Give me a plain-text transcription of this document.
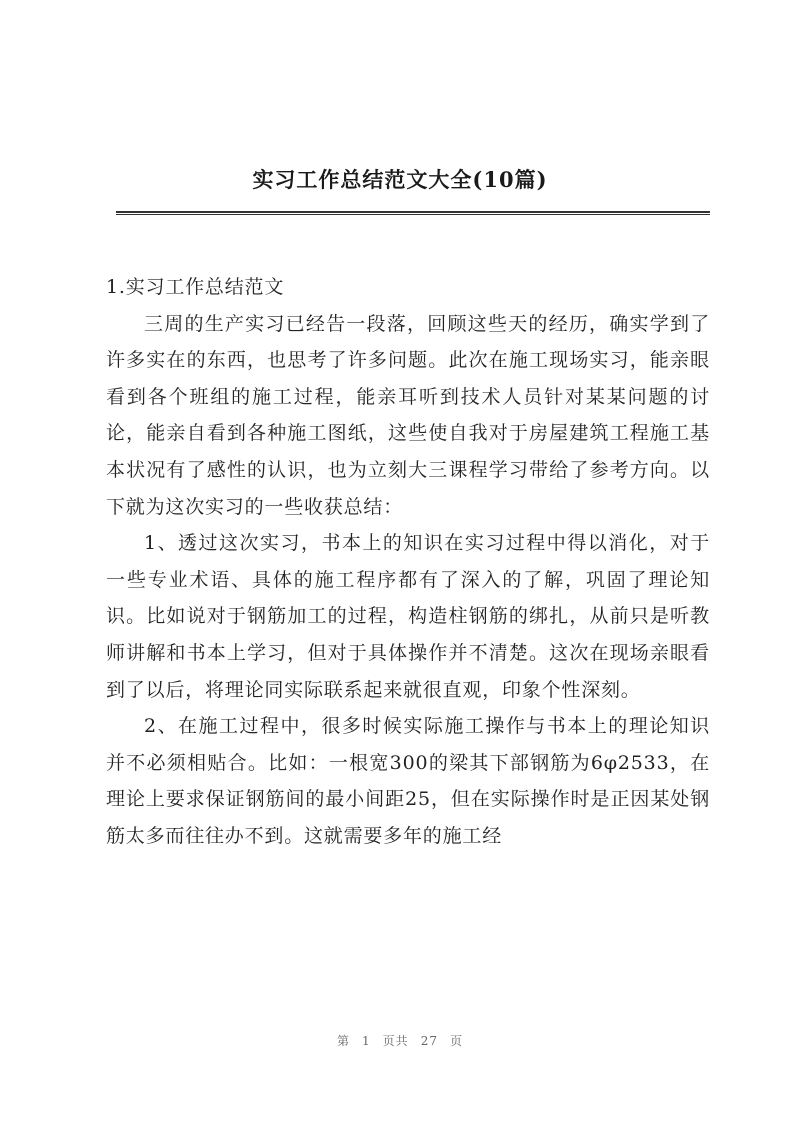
实习工作总结范文大全(10篇)

1.实习工作总结范文

三周的生产实习已经告一段落，回顾这些天的经历，确实学到了许多实在的东西，也思考了许多问题。此次在施工现场实习，能亲眼看到各个班组的施工过程，能亲耳听到技术人员针对某某问题的讨论，能亲自看到各种施工图纸，这些使自我对于房屋建筑工程施工基本状况有了感性的认识，也为立刻大三课程学习带给了参考方向。以下就为这次实习的一些收获总结：

1、透过这次实习，书本上的知识在实习过程中得以消化，对于一些专业术语、具体的施工程序都有了深入的了解，巩固了理论知识。比如说对于钢筋加工的过程，构造柱钢筋的绑扎，从前只是听教师讲解和书本上学习，但对于具体操作并不清楚。这次在现场亲眼看到了以后，将理论同实际联系起来就很直观，印象个性深刻。

2、在施工过程中，很多时候实际施工操作与书本上的理论知识并不必须相贴合。比如：一根宽300的梁其下部钢筋为6φ2533，在理论上要求保证钢筋间的最小间距25，但在实际操作时是正因某处钢筋太多而往往办不到。这就需要多年的施工经

第 1 页共 27 页
